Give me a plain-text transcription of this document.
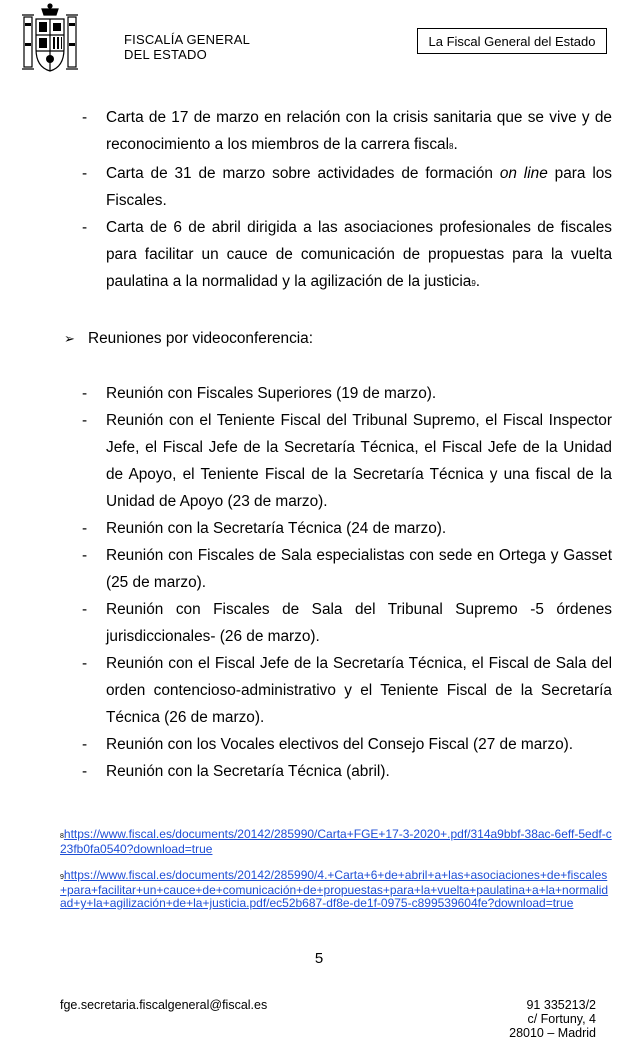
FISCALÍA GENERAL
DEL ESTADO
La Fiscal General del Estado
- Carta de 17 de marzo en relación con la crisis sanitaria que se vive y de reconocimiento a los miembros de la carrera fiscal8.
- Carta de 31 de marzo sobre actividades de formación on line para los Fiscales.
- Carta de 6 de abril dirigida a las asociaciones profesionales de fiscales para facilitar un cauce de comunicación de propuestas para la vuelta paulatina a la normalidad y la agilización de la justicia9.
➢ Reuniones por videoconferencia:
- Reunión con Fiscales Superiores (19 de marzo).
- Reunión con el Teniente Fiscal del Tribunal Supremo, el Fiscal Inspector Jefe, el Fiscal Jefe de la Secretaría Técnica, el Fiscal Jefe de la Unidad de Apoyo, el Teniente Fiscal de la Secretaría Técnica y una fiscal de la Unidad de Apoyo (23 de marzo).
- Reunión con la Secretaría Técnica (24 de marzo).
- Reunión con Fiscales de Sala especialistas con sede en Ortega y Gasset (25 de marzo).
- Reunión con Fiscales de Sala del Tribunal Supremo -5 órdenes jurisdiccionales- (26 de marzo).
- Reunión con el Fiscal Jefe de la Secretaría Técnica, el Fiscal de Sala del orden contencioso-administrativo y el Teniente Fiscal de la Secretaría Técnica (26 de marzo).
- Reunión con los Vocales electivos del Consejo Fiscal (27 de marzo).
- Reunión con la Secretaría Técnica (abril).
8https://www.fiscal.es/documents/20142/285990/Carta+FGE+17-3-2020+.pdf/314a9bbf-38ac-6eff-5edf-c23fb0fa0540?download=true
9https://www.fiscal.es/documents/20142/285990/4.+Carta+6+de+abril+a+las+asociaciones+de+fiscales+para+facilitar+un+cauce+de+comunicación+de+propuestas+para+la+vuelta+paulatina+a+la+normalidad+y+la+agilización+de+la+justicia.pdf/ec52b687-df8e-de1f-0975-c899539604fe?download=true
5
fge.secretaria.fiscalgeneral@fiscal.es	91 335213/2
c/ Fortuny, 4
28010 – Madrid
